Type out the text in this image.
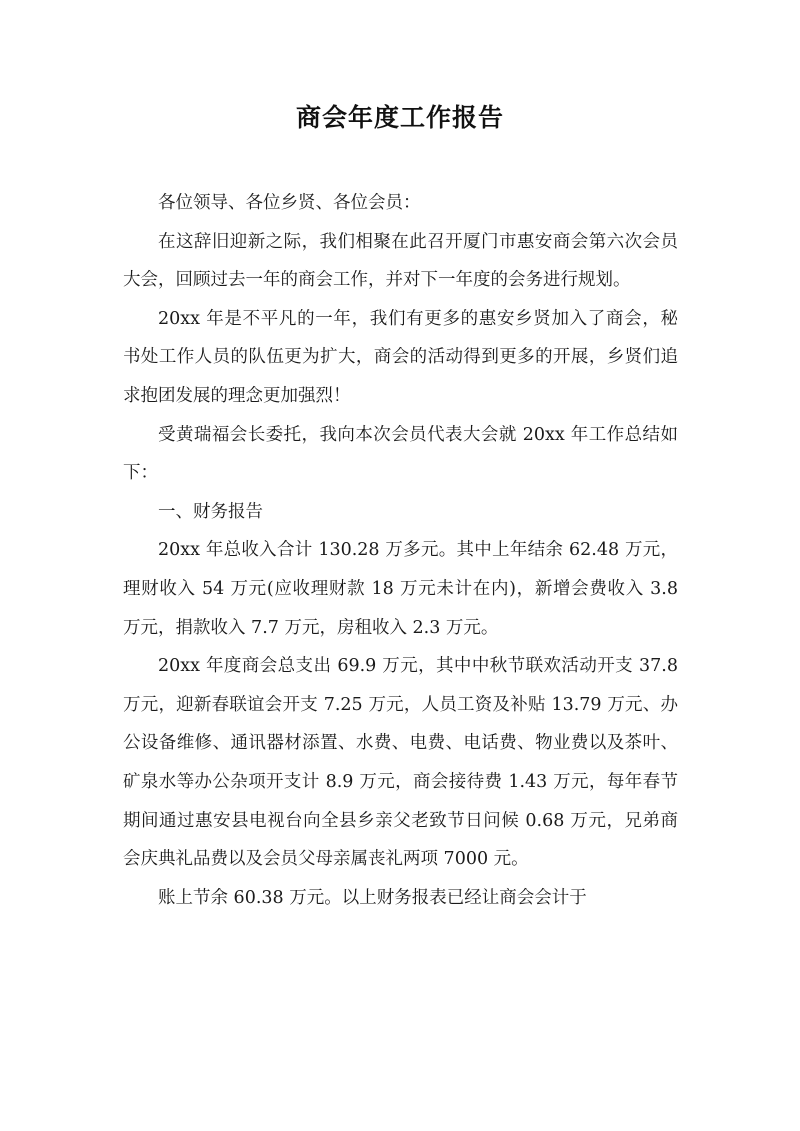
商会年度工作报告

各位领导、各位乡贤、各位会员：

在这辞旧迎新之际，我们相聚在此召开厦门市惠安商会第六次会员大会，回顾过去一年的商会工作，并对下一年度的会务进行规划。

20xx 年是不平凡的一年，我们有更多的惠安乡贤加入了商会，秘书处工作人员的队伍更为扩大，商会的活动得到更多的开展，乡贤们追求抱团发展的理念更加强烈！

受黄瑞福会长委托，我向本次会员代表大会就 20xx 年工作总结如下：

一、财务报告

20xx 年总收入合计 130.28 万多元。其中上年结余 62.48 万元，理财收入 54 万元(应收理财款 18 万元未计在内)，新增会费收入 3.8 万元，捐款收入 7.7 万元，房租收入 2.3 万元。

20xx 年度商会总支出 69.9 万元，其中中秋节联欢活动开支 37.8 万元，迎新春联谊会开支 7.25 万元，人员工资及补贴 13.79 万元、办公设备维修、通讯器材添置、水费、电费、电话费、物业费以及茶叶、矿泉水等办公杂项开支计 8.9 万元，商会接待费 1.43 万元，每年春节期间通过惠安县电视台向全县乡亲父老致节日问候 0.68 万元，兄弟商会庆典礼品费以及会员父母亲属丧礼两项 7000 元。

账上节余 60.38 万元。以上财务报表已经让商会会计于
